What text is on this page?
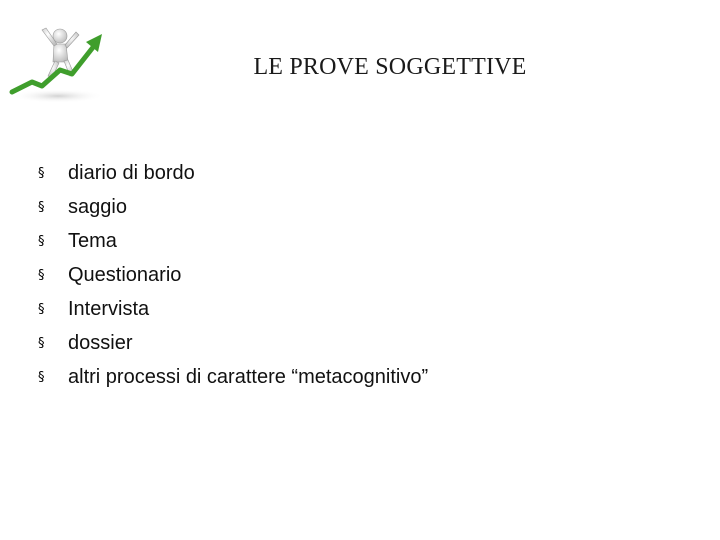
LE PROVE SOGGETTIVE
§	diario di bordo
§	saggio
§	Tema
§	Questionario
§	Intervista
§	dossier
§	altri processi di carattere “metacognitivo”
